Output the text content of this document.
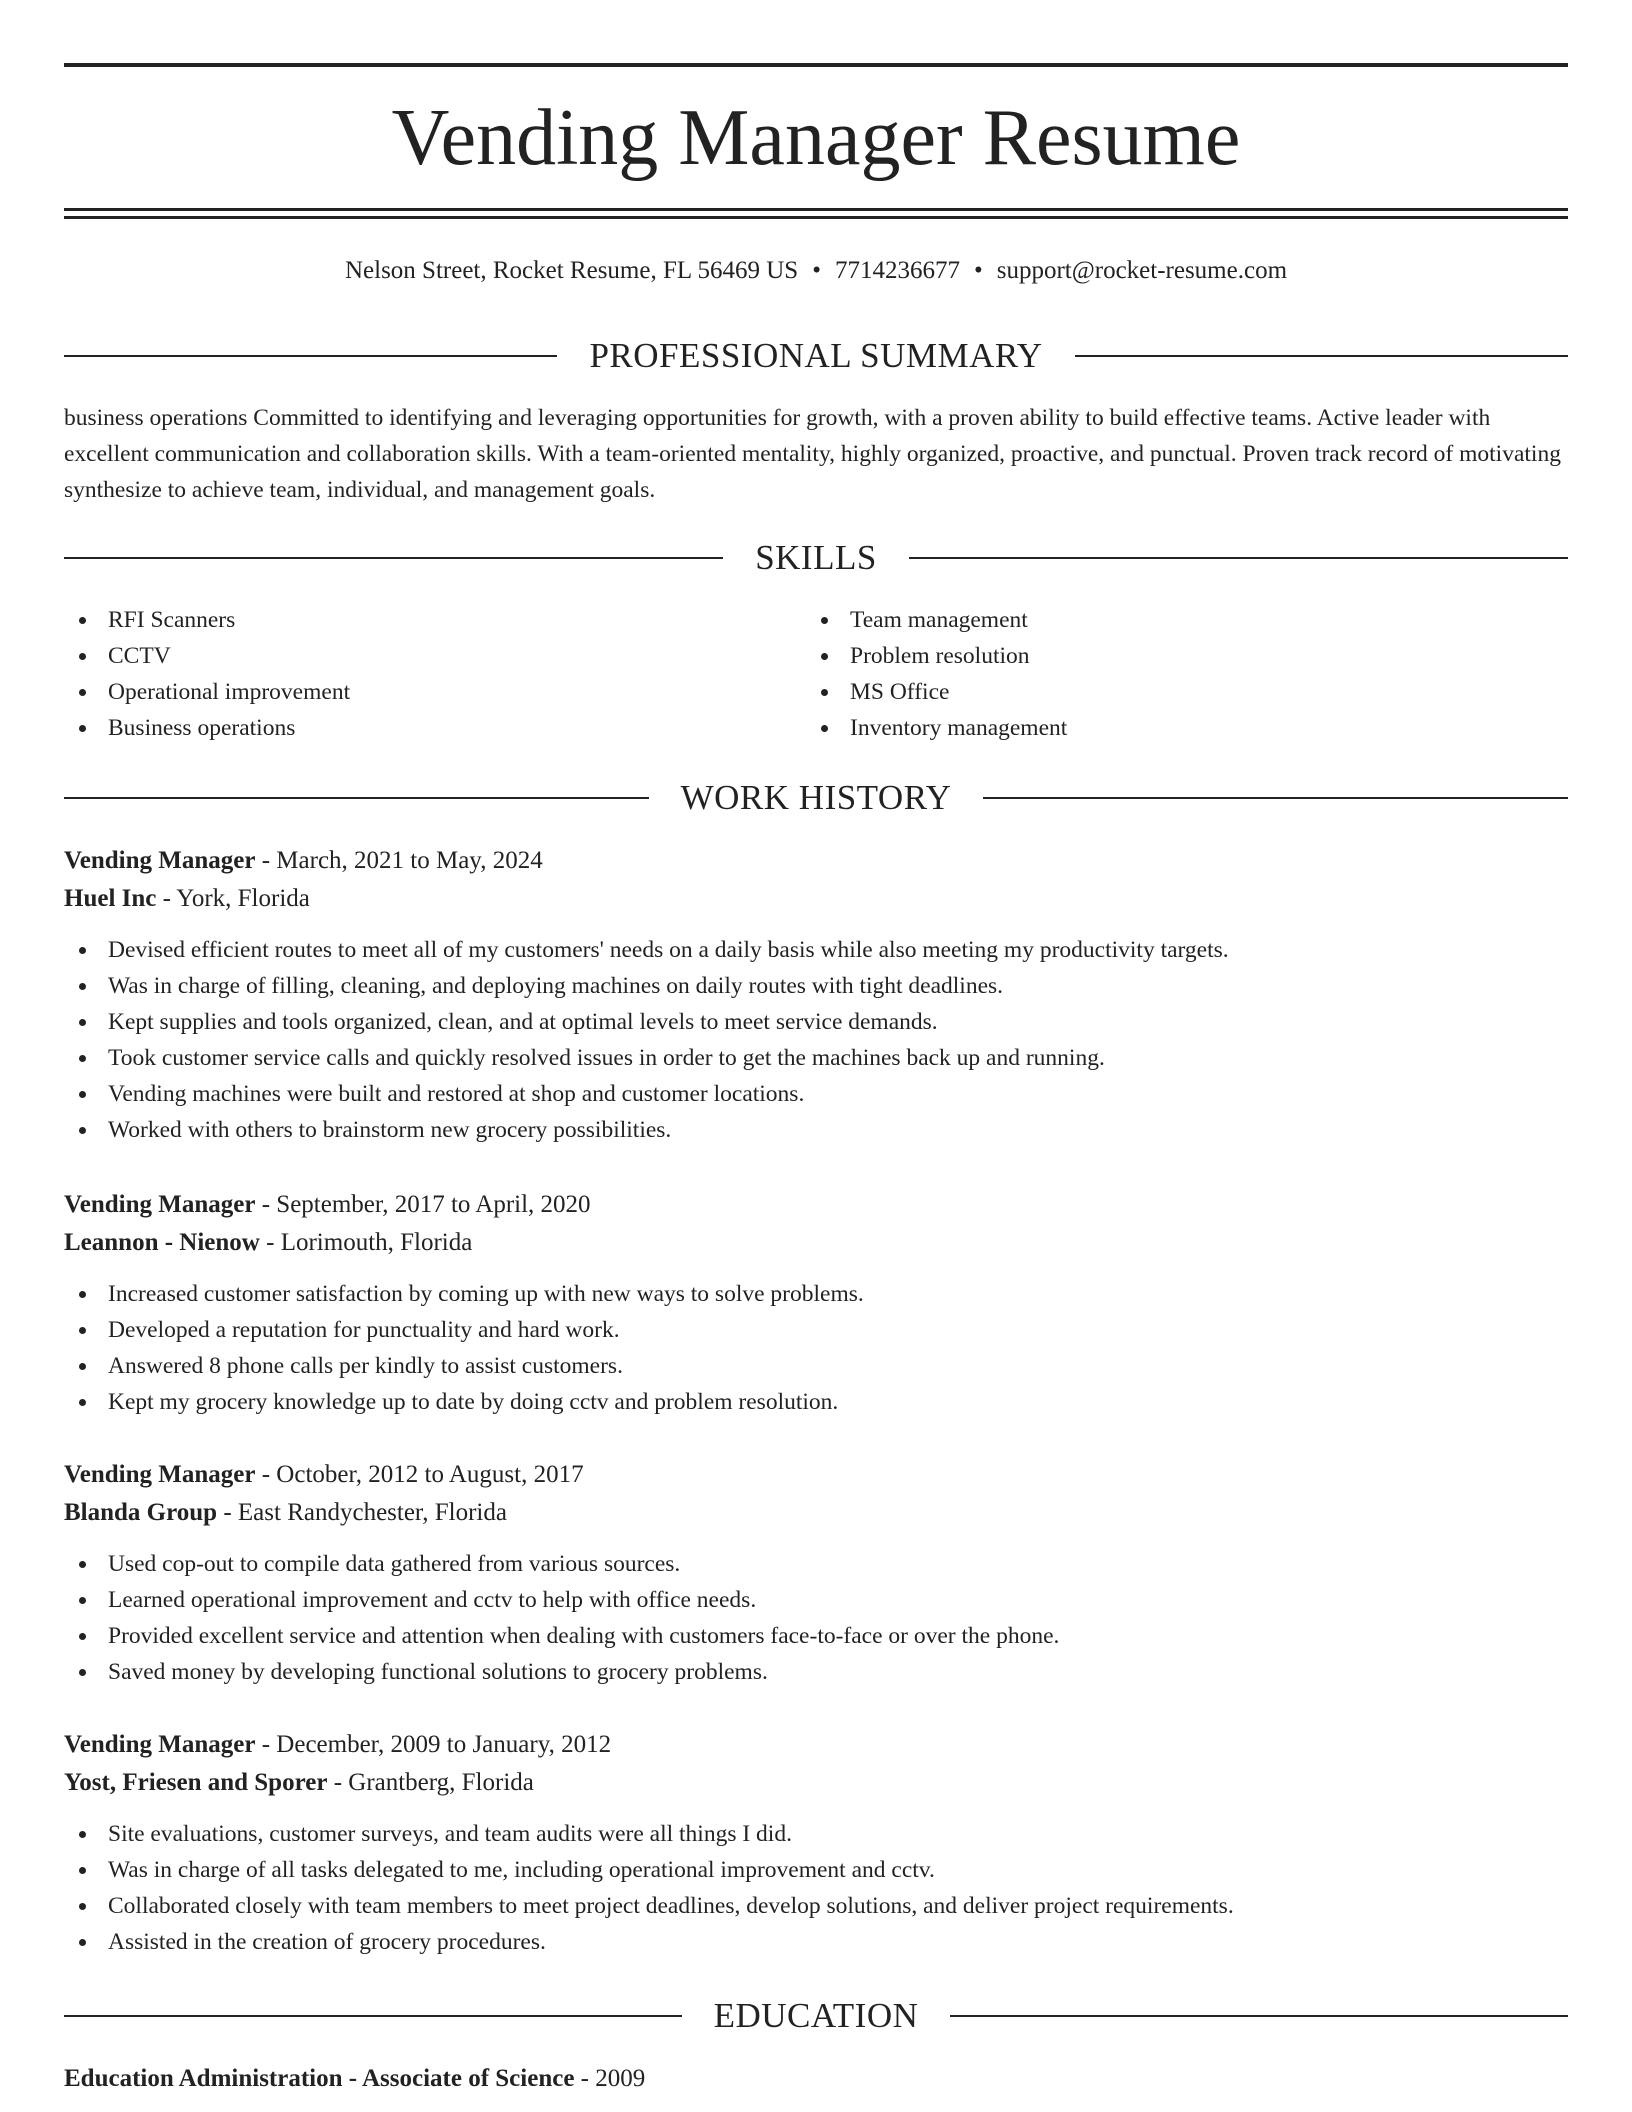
Vending Manager Resume
Nelson Street, Rocket Resume, FL 56469 US • 7714236677 • support@rocket-resume.com
PROFESSIONAL SUMMARY

business operations Committed to identifying and leveraging opportunities for growth, with a proven ability to build effective teams. Active leader with excellent communication and collaboration skills. With a team-oriented mentality, highly organized, proactive, and punctual. Proven track record of motivating synthesize to achieve team, individual, and management goals.

SKILLS
RFI Scanners
CCTV
Operational improvement
Business operations
Team management
Problem resolution
MS Office
Inventory management
WORK HISTORY
Vending Manager - March, 2021 to May, 2024
Huel Inc - York, Florida
Devised efficient routes to meet all of my customers' needs on a daily basis while also meeting my productivity targets.
Was in charge of filling, cleaning, and deploying machines on daily routes with tight deadlines.
Kept supplies and tools organized, clean, and at optimal levels to meet service demands.
Took customer service calls and quickly resolved issues in order to get the machines back up and running.
Vending machines were built and restored at shop and customer locations.
Worked with others to brainstorm new grocery possibilities.
Vending Manager - September, 2017 to April, 2020
Leannon - Nienow - Lorimouth, Florida
Increased customer satisfaction by coming up with new ways to solve problems.
Developed a reputation for punctuality and hard work.
Answered 8 phone calls per kindly to assist customers.
Kept my grocery knowledge up to date by doing cctv and problem resolution.
Vending Manager - October, 2012 to August, 2017
Blanda Group - East Randychester, Florida
Used cop-out to compile data gathered from various sources.
Learned operational improvement and cctv to help with office needs.
Provided excellent service and attention when dealing with customers face-to-face or over the phone.
Saved money by developing functional solutions to grocery problems.
Vending Manager - December, 2009 to January, 2012
Yost, Friesen and Sporer - Grantberg, Florida
Site evaluations, customer surveys, and team audits were all things I did.
Was in charge of all tasks delegated to me, including operational improvement and cctv.
Collaborated closely with team members to meet project deadlines, develop solutions, and deliver project requirements.
Assisted in the creation of grocery procedures.
EDUCATION
Education Administration - Associate of Science - 2009
